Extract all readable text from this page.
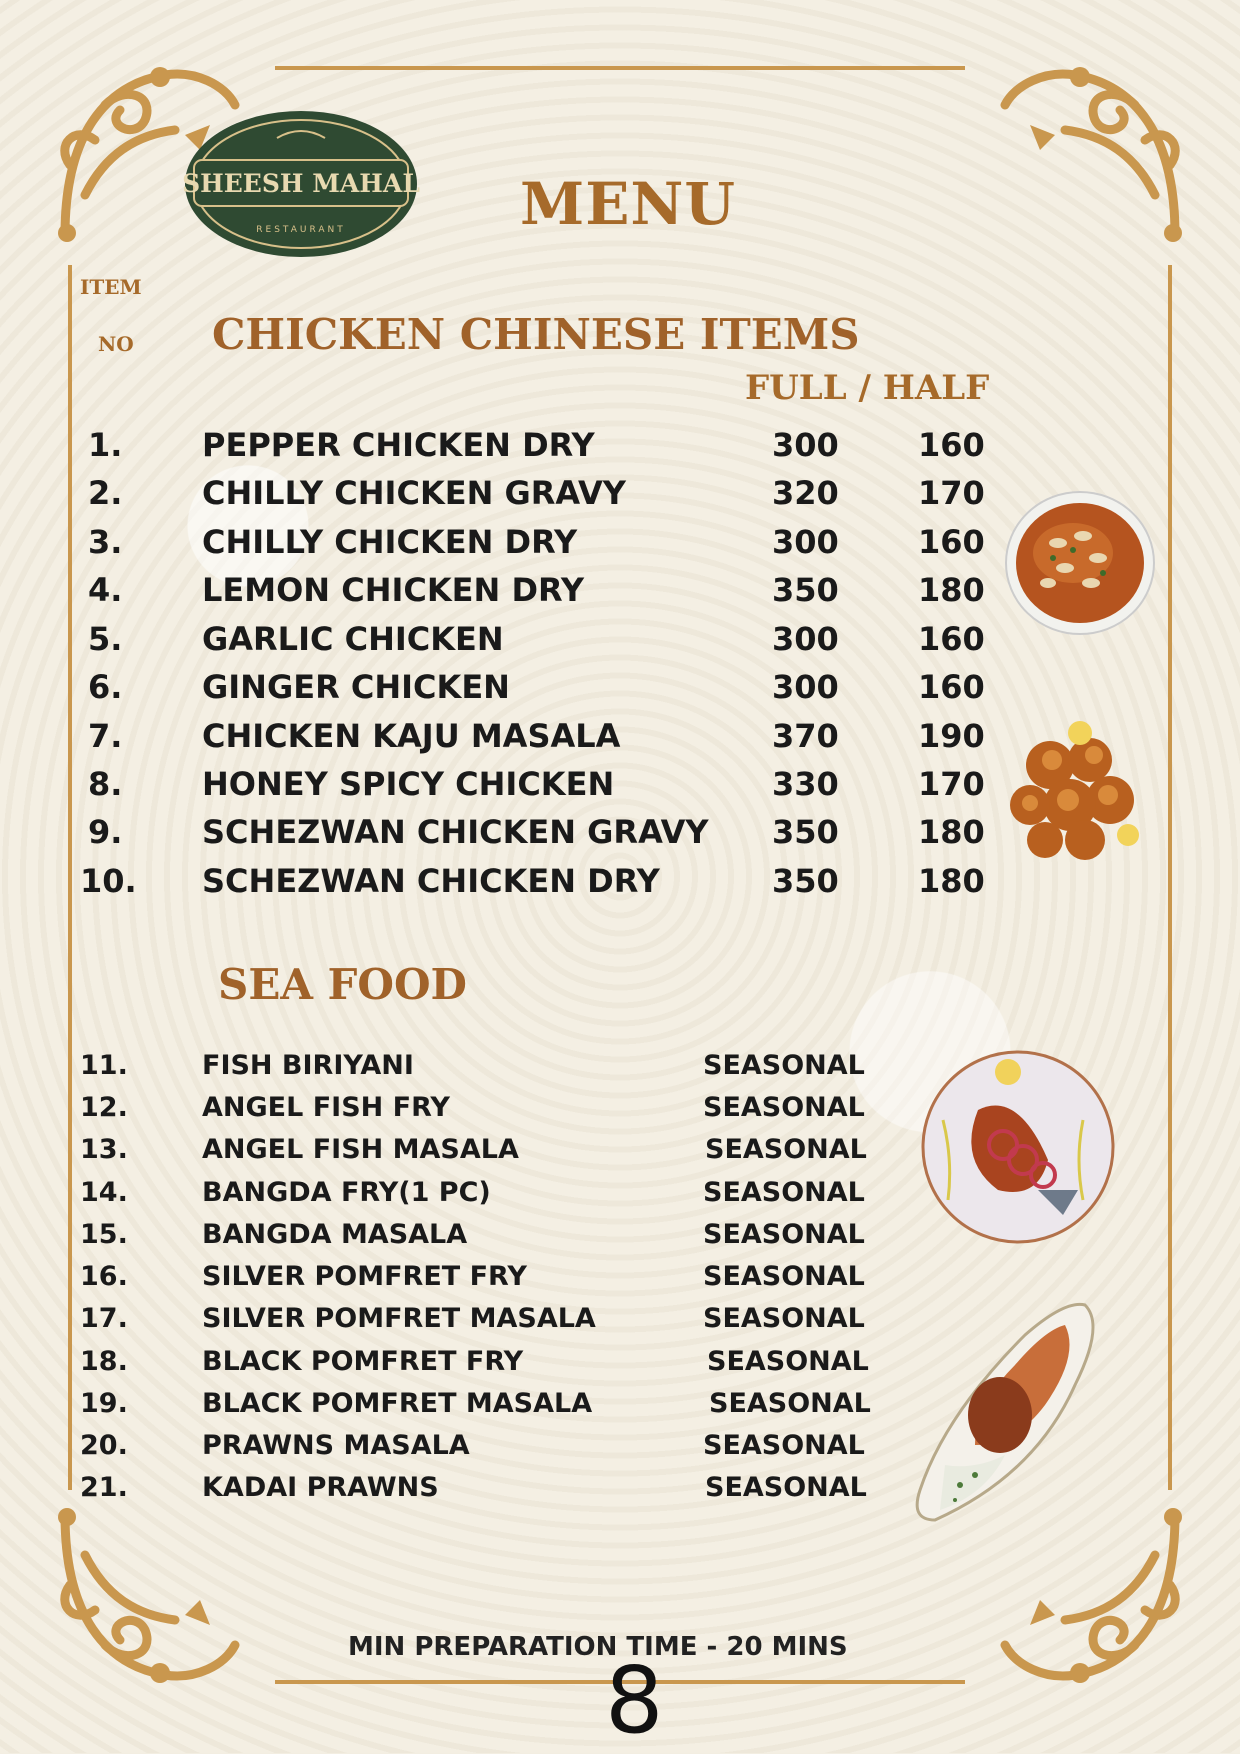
SHEESH MAHAL
RESTAURANT	MENU
ITEM
NO CHICKEN CHINESE ITEMS
FULL / HALF
1. PEPPER CHICKEN DRY	300 160
2. CHILLY CHICKEN GRAVY	320 170
3. CHILLY CHICKEN DRY	300 160
4. LEMON CHICKEN DRY	350 180
5. GARLIC CHICKEN	300 160
6. GINGER CHICKEN	300 160
7. CHICKEN KAJU MASALA	370 190
8. HONEY SPICY CHICKEN	330 170
9. SCHEZWAN CHICKEN GRAVY 350 180
10. SCHEZWAN CHICKEN DRY	350 180
SEA FOOD
11.	FISH BIRIYANI	SEASONAL
12.	ANGEL FISH FRY	SEASONAL
13.	ANGEL FISH MASALA	SEASONAL
14.	BANGDA FRY(1 PC)	SEASONAL
15.	BANGDA MASALA	SEASONAL
16.	SILVER POMFRET FRY	SEASONAL
17.	SILVER POMFRET MASALA	SEASONAL
18.	BLACK POMFRET FRY	SEASONAL
19.	BLACK POMFRET MASALA	SEASONAL
20.	PRAWNS MASALA	SEASONAL
21.	KADAI PRAWNS	SEASONAL
MIN PREPARATION TIME - 20 MINS
8
